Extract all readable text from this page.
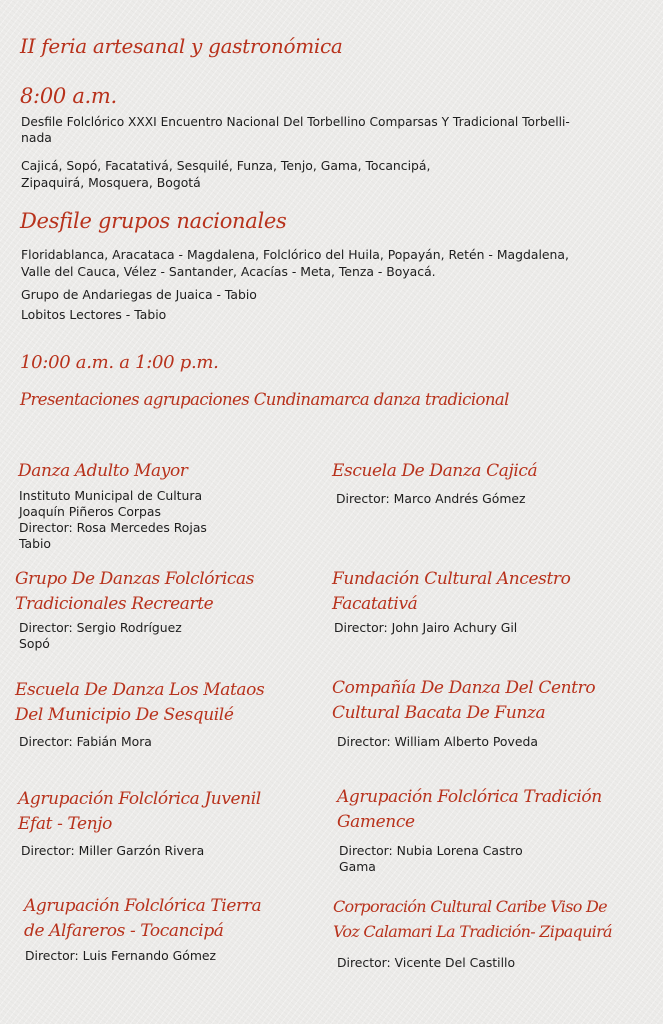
II feria artesanal y gastronómica
8:00 a.m.
Desfile Folclórico XXXI Encuentro Nacional Del Torbellino Comparsas Y Tradicional Torbelli-
nada
Cajicá, Sopó, Facatativá, Sesquilé, Funza, Tenjo, Gama, Tocancipá,
Zipaquirá, Mosquera, Bogotá
Desfile grupos nacionales
Floridablanca, Aracataca - Magdalena, Folclórico del Huila, Popayán, Retén - Magdalena,
Valle del Cauca, Vélez - Santander, Acacías - Meta, Tenza - Boyacá.
Grupo de Andariegas de Juaica - Tabio
Lobitos Lectores - Tabio
10:00 a.m. a 1:00 p.m.
Presentaciones agrupaciones Cundinamarca danza tradicional
Danza Adulto Mayor
Instituto Municipal de Cultura
Joaquín Piñeros Corpas
Director: Rosa Mercedes Rojas
Tabio
Escuela De Danza Cajicá
Director: Marco Andrés Gómez
Grupo De Danzas Folclóricas
Tradicionales Recrearte
Director: Sergio Rodríguez
Sopó
Fundación Cultural Ancestro
Facatativá
Director: John Jairo Achury Gil
Escuela De Danza Los Mataos
Del Municipio De Sesquilé
Director: Fabián Mora
Compañía De Danza Del Centro
Cultural Bacata De Funza
Director: William Alberto Poveda
Agrupación Folclórica Juvenil
Efat - Tenjo
Director: Miller Garzón Rivera
Agrupación Folclórica Tradición
Gamence
Director: Nubia Lorena Castro
Gama
Agrupación Folclórica Tierra
de Alfareros - Tocancipá
Director: Luis Fernando Gómez
Corporación Cultural Caribe Viso De
Voz Calamari La Tradición- Zipaquirá
Director: Vicente Del Castillo
